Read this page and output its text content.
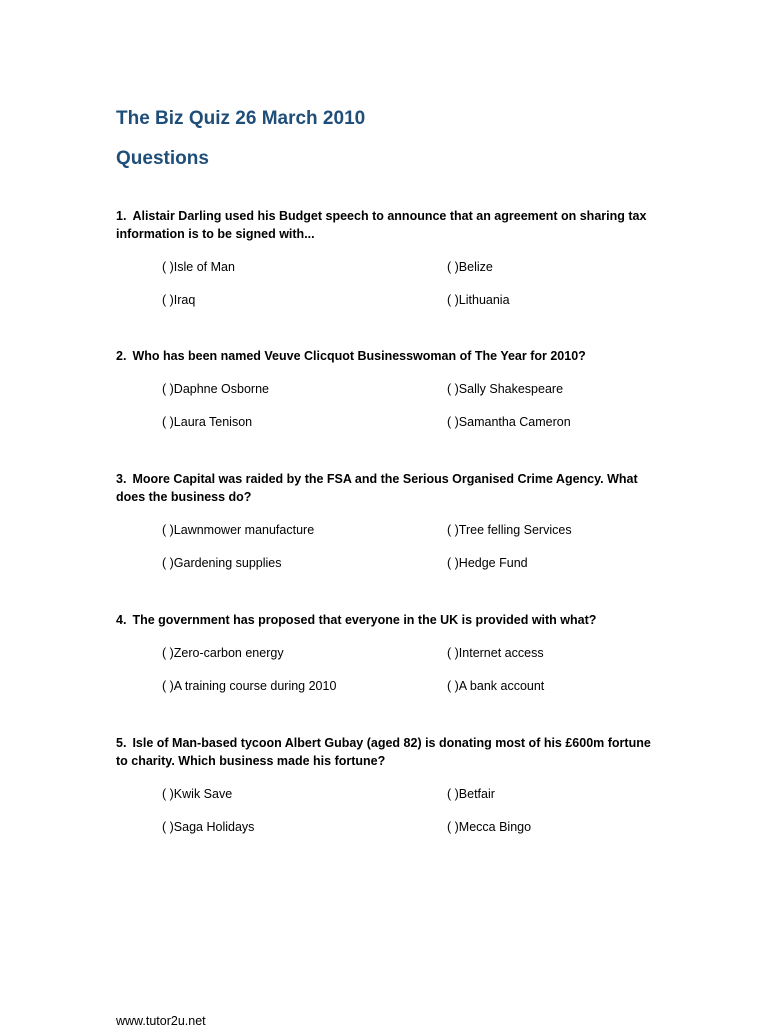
The Biz Quiz 26 March 2010
Questions

1. Alistair Darling used his Budget speech to announce that an agreement on sharing tax information is to be signed with...

( )Isle of Man	( )Belize
( )Iraq	( )Lithuania

2. Who has been named Veuve Clicquot Businesswoman of The Year for 2010?

( )Daphne Osborne	( )Sally Shakespeare
( )Laura Tenison	( )Samantha Cameron

3. Moore Capital was raided by the FSA and the Serious Organised Crime Agency. What does the business do?

( )Lawnmower manufacture	( )Tree felling Services
( )Gardening supplies	( )Hedge Fund

4. The government has proposed that everyone in the UK is provided with what?

( )Zero-carbon energy	( )Internet access
( )A training course during 2010	( )A bank account

5. Isle of Man-based tycoon Albert Gubay (aged 82) is donating most of his £600m fortune to charity. Which business made his fortune?

( )Kwik Save	( )Betfair
( )Saga Holidays	( )Mecca Bingo
www.tutor2u.net
